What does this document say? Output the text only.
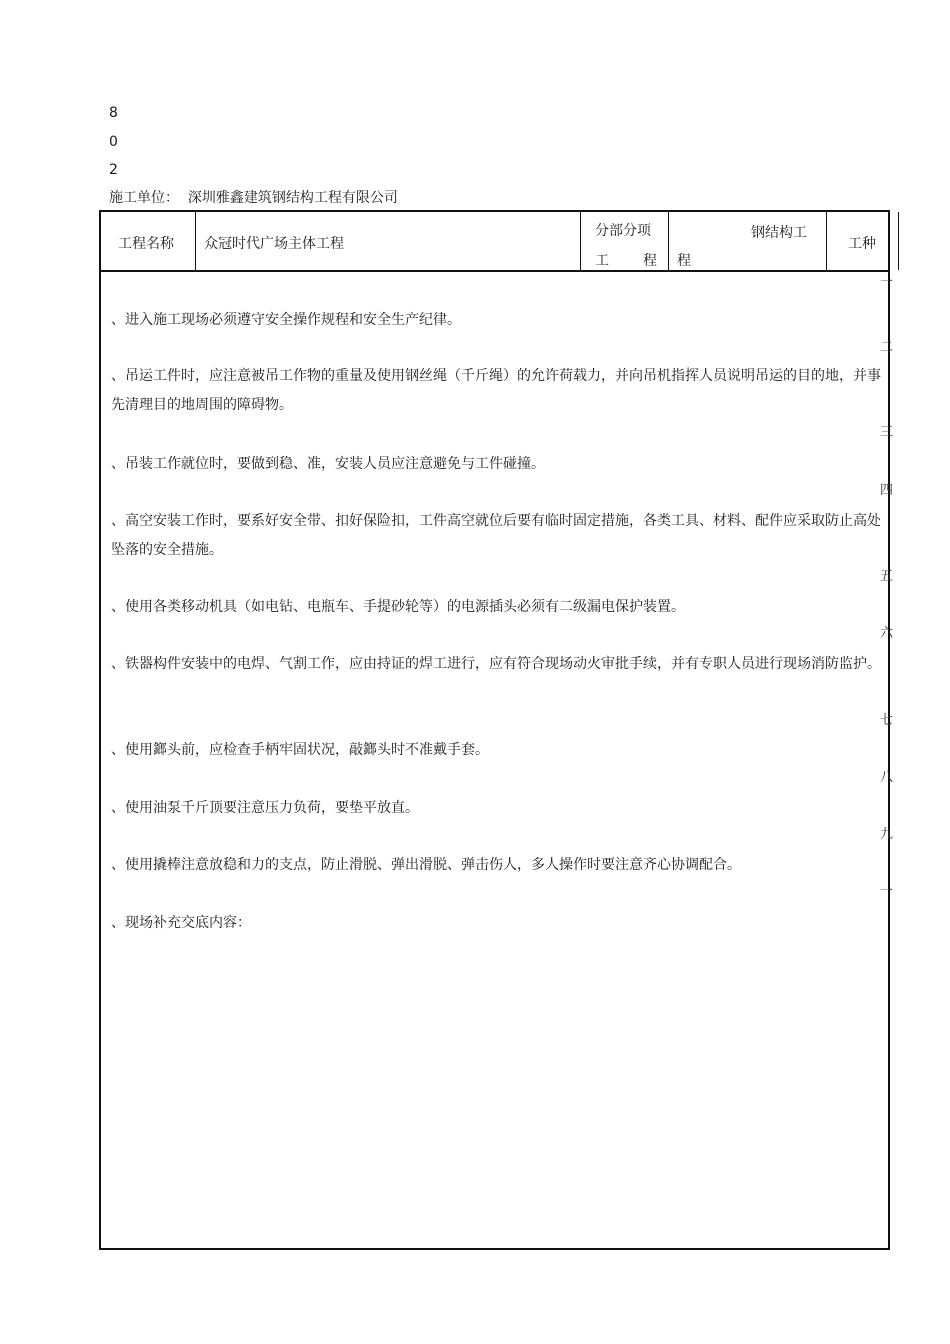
8
0
2
施工单位： 深圳雅鑫建筑钢结构工程有限公司
工程名称 众冠时代广场主体工程
分部分项
工 程
钢结构工
程
工种
、进入施工现场必须遵守安全操作规程和安全生产纪律。
、吊运工件时，应注意被吊工作物的重量及使用钢丝绳（千斤绳）的允许荷载力，并向吊机指挥人员说明吊运的目的地，并事先清理目的地周围的障碍物。
、吊装工作就位时，要做到稳、准，安装人员应注意避免与工件碰撞。
、高空安装工作时，要系好安全带、扣好保险扣，工件高空就位后要有临时固定措施，各类工具、材料、配件应采取防止高处坠落的安全措施。
、使用各类移动机具（如电钻、电瓶车、手提砂轮等）的电源插头必须有二级漏电保护装置。
、铁器构件安装中的电焊、气割工作，应由持证的焊工进行，应有符合现场动火审批手续，并有专职人员进行现场消防监护。
、使用鎯头前，应检查手柄牢固状况，敲鎯头时不准戴手套。
、使用油泵千斤顶要注意压力负荷，要垫平放直。
、使用撬棒注意放稳和力的支点，防止滑脱、弹出滑脱、弹击伤人，多人操作时要注意齐心协调配合。
、现场补充交底内容：
一
二
三
四
五
六
七
八
九
一
